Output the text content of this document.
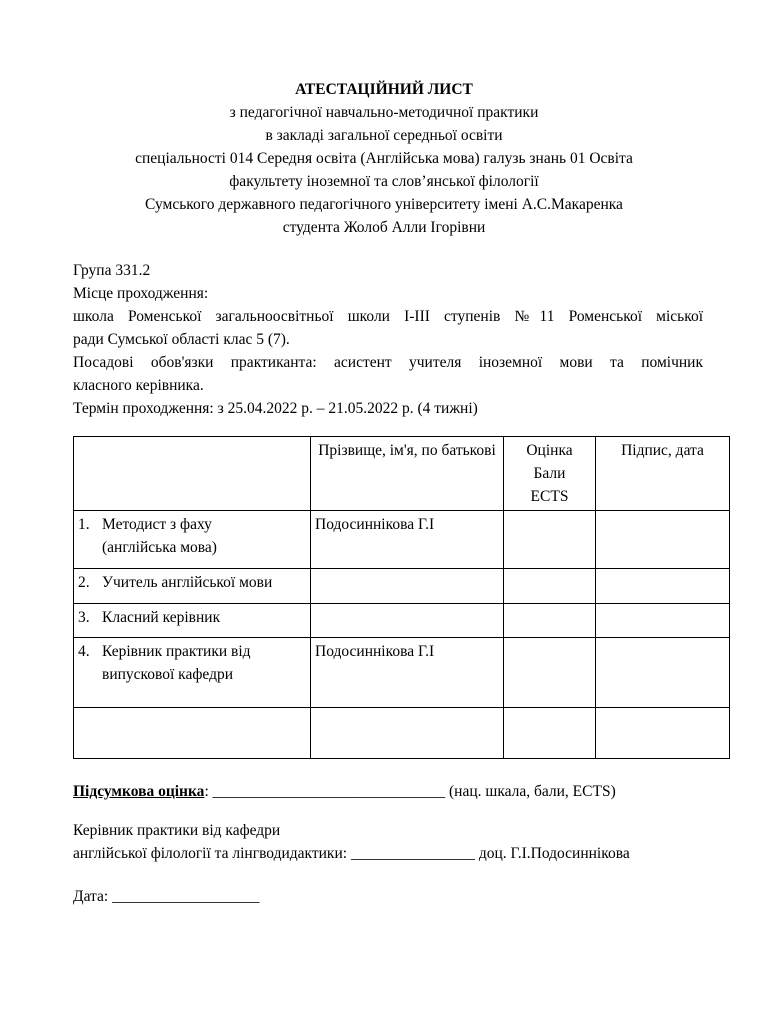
АТЕСТАЦІЙНИЙ ЛИСТ
з педагогічної навчально-методичної практики
в закладі загальної середньої освіти
спеціальності 014 Середня освіта (Англійська мова) галузь знань 01 Освіта
факультету іноземної та слов’янської філології
Сумського державного педагогічного університету імені А.С.Макаренка
студента Жолоб Алли Ігорівни
Група 331.2
Місце проходження:
школа Роменської загальноосвітньої школи І-ІІІ ступенів №11 Роменської міської
ради Сумської області клас 5 (7).
Посадові обов'язки практиканта: асистент учителя іноземної мови та помічник
класного керівника.
Термін проходження: з 25.04.2022 р. – 21.05.2022 р. (4 тижні)
	Прізвище, ім'я, по батькові	Оцінка Бали ECTS	Підпис, дата

1. Методист з фаху
(англійська мова)	Подосиннікова Г.І		

2. Учитель англійської мови			

3. Класний керівник			

4. Керівник практики від
випускової кафедри	Подосиннікова Г.І		

Підсумкова оцінка: ______________________________ (нац. шкала, бали, ECTS)
Керівник практики від кафедри
англійської філології та лінгводидактики: ________________ доц. Г.І.Подосиннікова
Дата: ___________________
